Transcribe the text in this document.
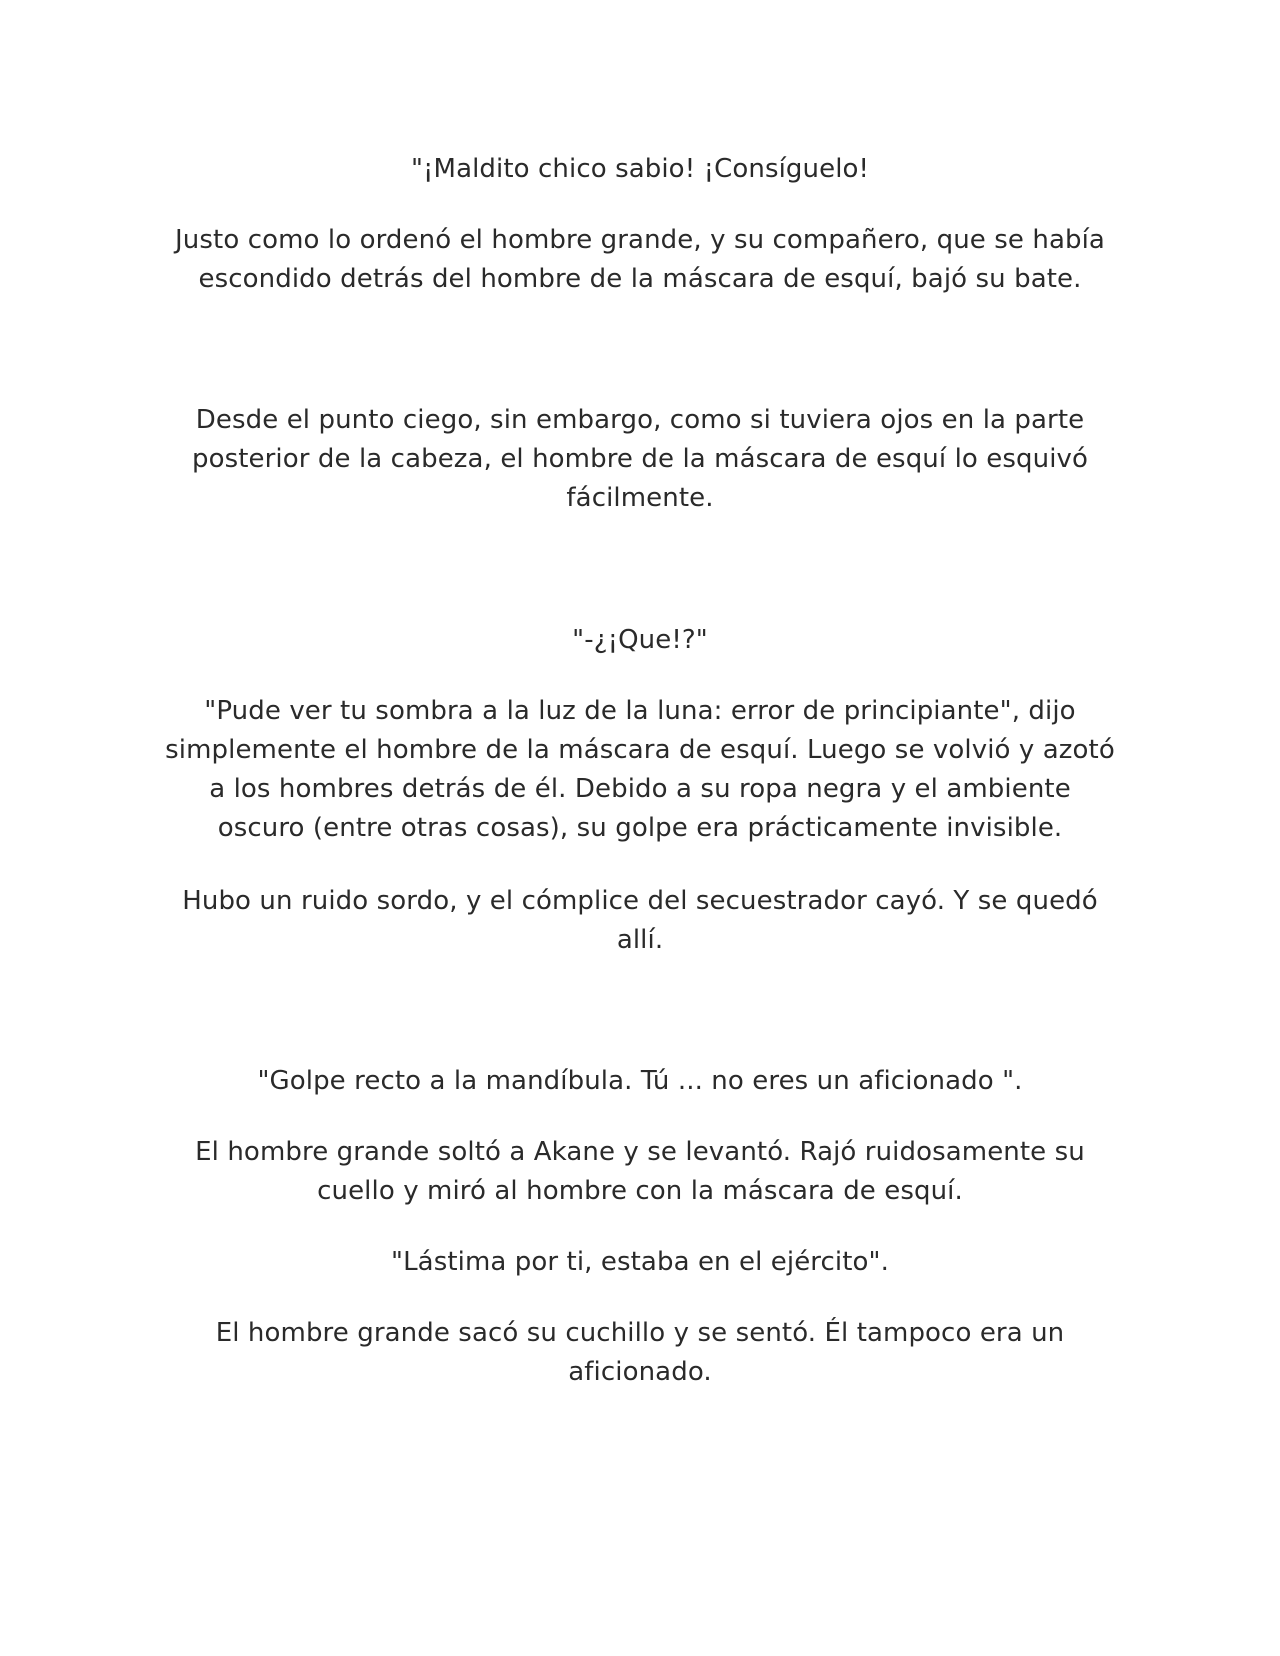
"¡Maldito chico sabio! ¡Consíguelo!

Justo como lo ordenó el hombre grande, y su compañero, que se había
escondido detrás del hombre de la máscara de esquí, bajó su bate.

Desde el punto ciego, sin embargo, como si tuviera ojos en la parte
posterior de la cabeza, el hombre de la máscara de esquí lo esquivó
fácilmente.

"-¿¡Que!?"

"Pude ver tu sombra a la luz de la luna: error de principiante", dijo
simplemente el hombre de la máscara de esquí. Luego se volvió y azotó
a los hombres detrás de él. Debido a su ropa negra y el ambiente
oscuro (entre otras cosas), su golpe era prácticamente invisible.

Hubo un ruido sordo, y el cómplice del secuestrador cayó. Y se quedó
allí.

"Golpe recto a la mandíbula. Tú ... no eres un aficionado ".

El hombre grande soltó a Akane y se levantó. Rajó ruidosamente su
cuello y miró al hombre con la máscara de esquí.

"Lástima por ti, estaba en el ejército".

El hombre grande sacó su cuchillo y se sentó. Él tampoco era un
aficionado.
